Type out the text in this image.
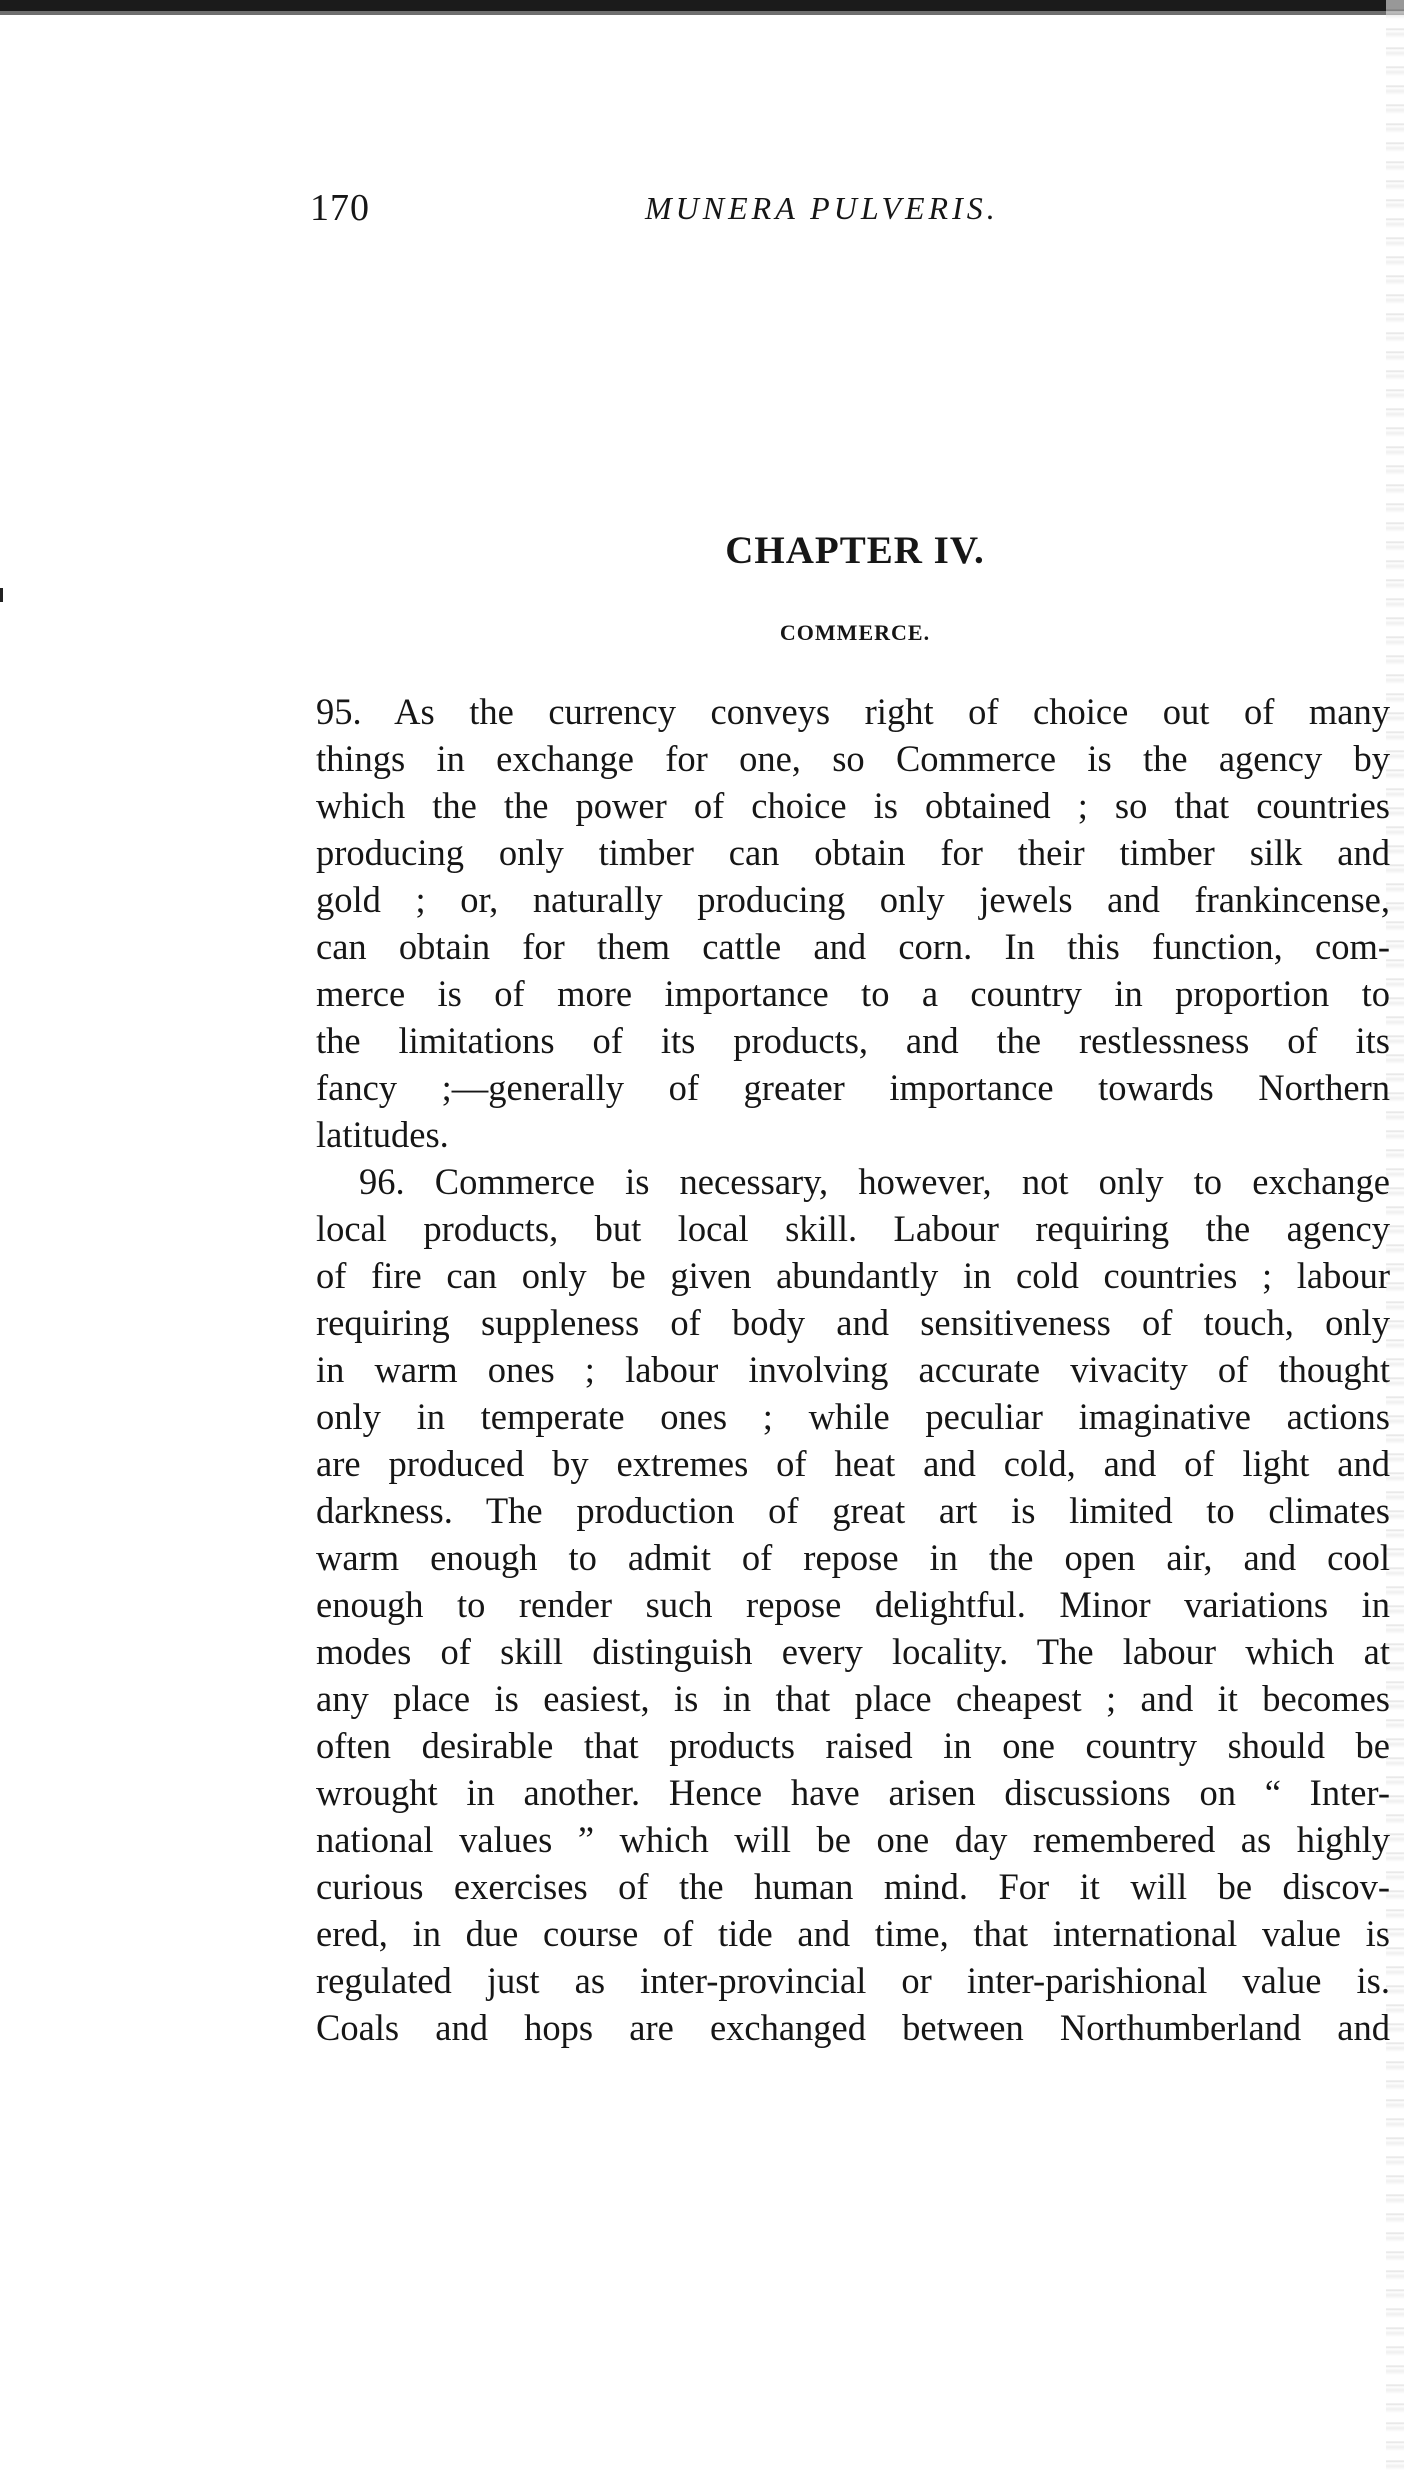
170	MUNERA PULVERIS.
CHAPTER IV.
COMMERCE.
95. As the currency conveys right of choice out of many
things in exchange for one, so Commerce is the agency by
which the the power of choice is obtained ; so that countries
producing only timber can obtain for their timber silk and
gold ; or, naturally producing only jewels and frankincense,
can obtain for them cattle and corn. In this function, com-
merce is of more importance to a country in proportion to
the limitations of its products, and the restlessness of its
fancy ;—generally of greater importance towards Northern
latitudes.
96. Commerce is necessary, however, not only to exchange
local products, but local skill. Labour requiring the agency
of fire can only be given abundantly in cold countries ; labour
requiring suppleness of body and sensitiveness of touch, only
in warm ones ; labour involving accurate vivacity of thought
only in temperate ones ; while peculiar imaginative actions
are produced by extremes of heat and cold, and of light and
darkness. The production of great art is limited to climates
warm enough to admit of repose in the open air, and cool
enough to render such repose delightful. Minor variations in
modes of skill distinguish every locality. The labour which at
any place is easiest, is in that place cheapest ; and it becomes
often desirable that products raised in one country should be
wrought in another. Hence have arisen discussions on “ Inter-
national values ” which will be one day remembered as highly
curious exercises of the human mind. For it will be discov-
ered, in due course of tide and time, that international value is
regulated just as inter-provincial or inter-parishional value is.
Coals and hops are exchanged between Northumberland and
